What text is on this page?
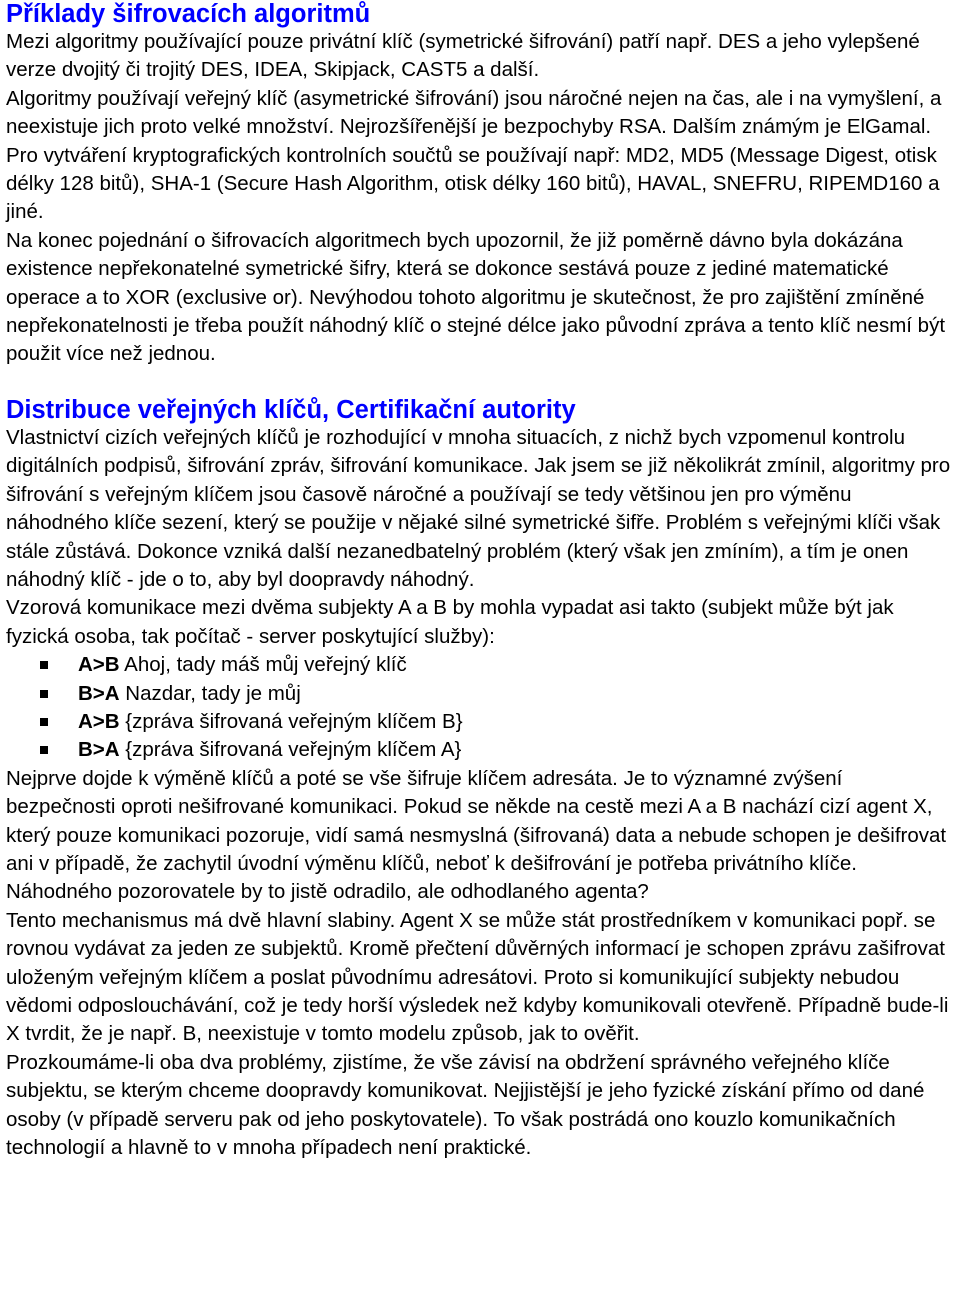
Příklady šifrovacích algoritmů

Mezi algoritmy používající pouze privátní klíč (symetrické šifrování) patří např. DES a jeho vylepšené verze dvojitý či trojitý DES, IDEA, Skipjack, CAST5 a další.

Algoritmy používají veřejný klíč (asymetrické šifrování) jsou náročné nejen na čas, ale i na vymyšlení, a neexistuje jich proto velké množství. Nejrozšířenější je bezpochyby RSA. Dalším známým je ElGamal.

Pro vytváření kryptografických kontrolních součtů se používají např: MD2, MD5 (Message Digest, otisk délky 128 bitů), SHA-1 (Secure Hash Algorithm, otisk délky 160 bitů), HAVAL, SNEFRU, RIPEMD160 a jiné.

Na konec pojednání o šifrovacích algoritmech bych upozornil, že již poměrně dávno byla dokázána existence nepřekonatelné symetrické šifry, která se dokonce sestává pouze z jediné matematické operace a to XOR (exclusive or). Nevýhodou tohoto algoritmu je skutečnost, že pro zajištění zmíněné nepřekonatelnosti je třeba použít náhodný klíč o stejné délce jako původní zpráva a tento klíč nesmí být použit více než jednou.

Distribuce veřejných klíčů, Certifikační autority

Vlastnictví cizích veřejných klíčů je rozhodující v mnoha situacích, z nichž bych vzpomenul kontrolu digitálních podpisů, šifrování zpráv, šifrování komunikace. Jak jsem se již několikrát zmínil, algoritmy pro šifrování s veřejným klíčem jsou časově náročné a používají se tedy většinou jen pro výměnu náhodného klíče sezení, který se použije v nějaké silné symetrické šifře. Problém s veřejnými klíči však stále zůstává. Dokonce vzniká další nezanedbatelný problém (který však jen zmíním), a tím je onen náhodný klíč - jde o to, aby byl doopravdy náhodný.

Vzorová komunikace mezi dvěma subjekty A a B by mohla vypadat asi takto (subjekt může být jak fyzická osoba, tak počítač - server poskytující služby):

A>B Ahoj, tady máš můj veřejný klíč
B>A Nazdar, tady je můj
A>B {zpráva šifrovaná veřejným klíčem B}
B>A {zpráva šifrovaná veřejným klíčem A}

Nejprve dojde k výměně klíčů a poté se vše šifruje klíčem adresáta. Je to významné zvýšení bezpečnosti oproti nešifrované komunikaci. Pokud se někde na cestě mezi A a B nachází cizí agent X, který pouze komunikaci pozoruje, vidí samá nesmyslná (šifrovaná) data a nebude schopen je dešifrovat ani v případě, že zachytil úvodní výměnu klíčů, neboť k dešifrování je potřeba privátního klíče. Náhodného pozorovatele by to jistě odradilo, ale odhodlaného agenta?

Tento mechanismus má dvě hlavní slabiny. Agent X se může stát prostředníkem v komunikaci popř. se rovnou vydávat za jeden ze subjektů. Kromě přečtení důvěrných informací je schopen zprávu zašifrovat uloženým veřejným klíčem a poslat původnímu adresátovi. Proto si komunikující subjekty nebudou vědomi odposlouchávání, což je tedy horší výsledek než kdyby komunikovali otevřeně. Případně bude-li X tvrdit, že je např. B, neexistuje v tomto modelu způsob, jak to ověřit.

Prozkoumáme-li oba dva problémy, zjistíme, že vše závisí na obdržení správného veřejného klíče subjektu, se kterým chceme doopravdy komunikovat. Nejjistější je jeho fyzické získání přímo od dané osoby (v případě serveru pak od jeho poskytovatele). To však postrádá ono kouzlo komunikačních technologií a hlavně to v mnoha případech není praktické.
